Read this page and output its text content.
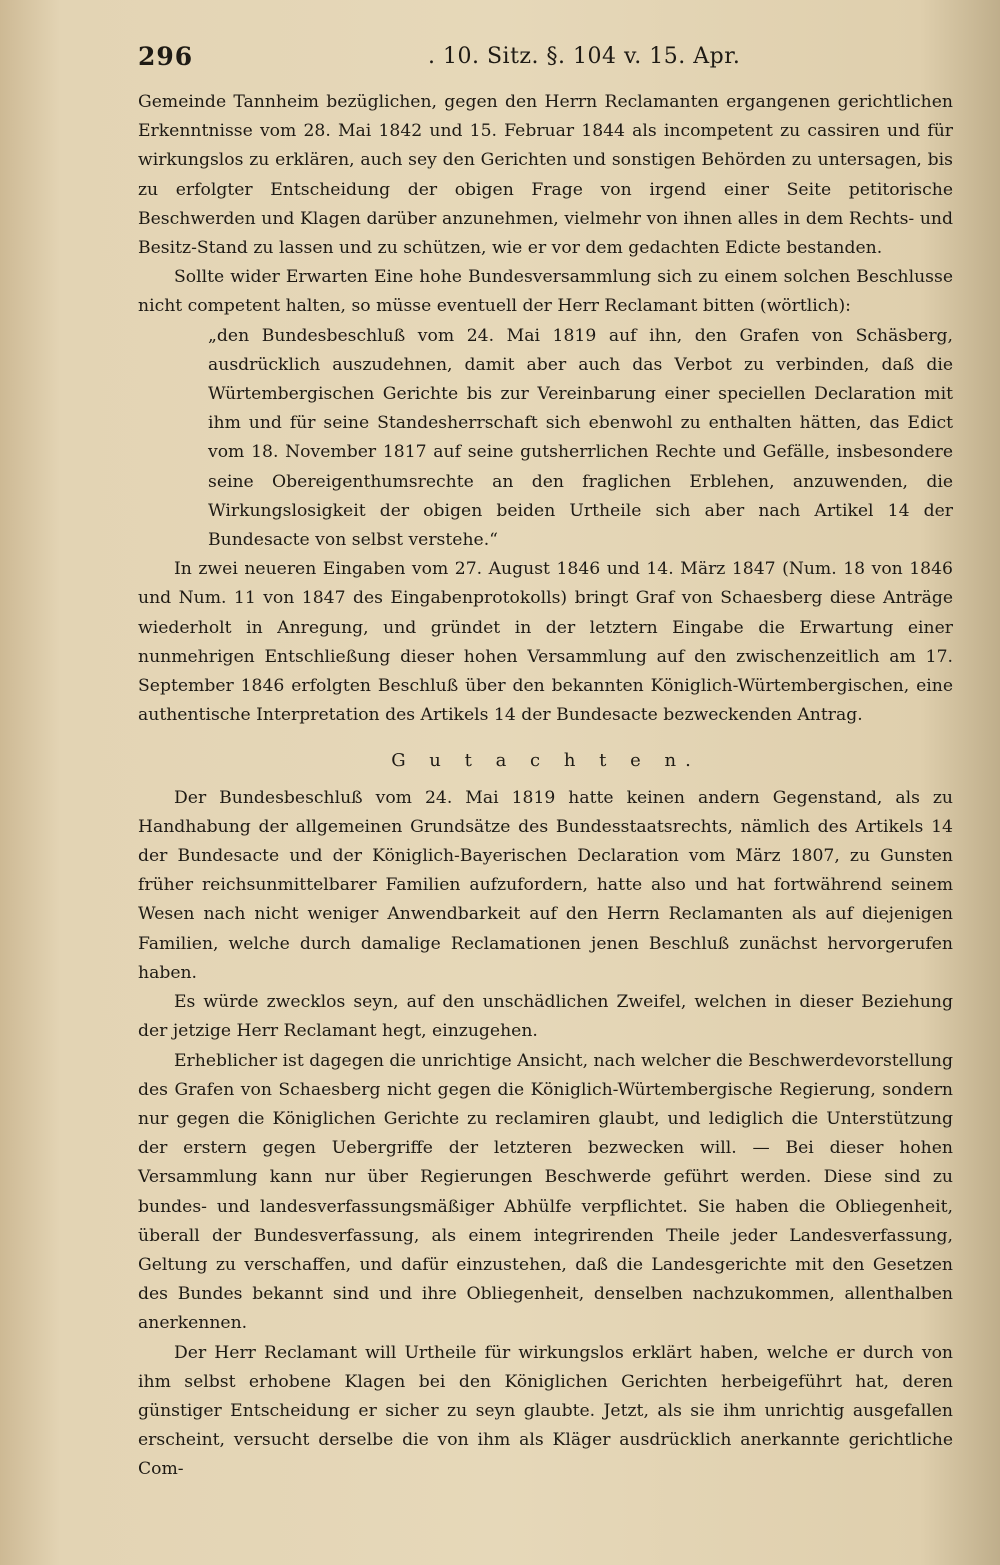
296	. 10. Sitz. §. 104 v. 15. Apr.

Gemeinde Tannheim bezüglichen, gegen den Herrn Reclamanten ergangenen gerichtlichen Erkenntnisse vom 28. Mai 1842 und 15. Februar 1844 als incompetent zu cassiren und für wirkungslos zu erklären, auch sey den Gerichten und sonstigen Behörden zu untersagen, bis zu erfolgter Entscheidung der obigen Frage von irgend einer Seite petitorische Beschwerden und Klagen darüber anzunehmen, vielmehr von ihnen alles in dem Rechts- und Besitz-Stand zu lassen und zu schützen, wie er vor dem gedachten Edicte bestanden.

Sollte wider Erwarten Eine hohe Bundesversammlung sich zu einem solchen Beschlusse nicht competent halten, so müsse eventuell der Herr Reclamant bitten (wörtlich):

„den Bundesbeschluß vom 24. Mai 1819 auf ihn, den Grafen von Schäsberg, ausdrücklich auszudehnen, damit aber auch das Verbot zu verbinden, daß die Würtembergischen Gerichte bis zur Vereinbarung einer speciellen Declaration mit ihm und für seine Standesherrschaft sich ebenwohl zu enthalten hätten, das Edict vom 18. November 1817 auf seine gutsherrlichen Rechte und Gefälle, insbesondere seine Obereigenthumsrechte an den fraglichen Erblehen, anzuwenden, die Wirkungslosigkeit der obigen beiden Urtheile sich aber nach Artikel 14 der Bundesacte von selbst verstehe.“

In zwei neueren Eingaben vom 27. August 1846 und 14. März 1847 (Num. 18 von 1846 und Num. 11 von 1847 des Eingabenprotokolls) bringt Graf von Schaesberg diese Anträge wiederholt in Anregung, und gründet in der letztern Eingabe die Erwartung einer nunmehrigen Entschließung dieser hohen Versammlung auf den zwischenzeitlich am 17. September 1846 erfolgten Beschluß über den bekannten Königlich-Würtembergischen, eine authentische Interpretation des Artikels 14 der Bundesacte bezweckenden Antrag.

G u t a c h t e n.

Der Bundesbeschluß vom 24. Mai 1819 hatte keinen andern Gegenstand, als zu Handhabung der allgemeinen Grundsätze des Bundesstaatsrechts, nämlich des Artikels 14 der Bundesacte und der Königlich-Bayerischen Declaration vom März 1807, zu Gunsten früher reichsunmittelbarer Familien aufzufordern, hatte also und hat fortwährend seinem Wesen nach nicht weniger Anwendbarkeit auf den Herrn Reclamanten als auf diejenigen Familien, welche durch damalige Reclamationen jenen Beschluß zunächst hervorgerufen haben.

Es würde zwecklos seyn, auf den unschädlichen Zweifel, welchen in dieser Beziehung der jetzige Herr Reclamant hegt, einzugehen.

Erheblicher ist dagegen die unrichtige Ansicht, nach welcher die Beschwerdevorstellung des Grafen von Schaesberg nicht gegen die Königlich-Würtembergische Regierung, sondern nur gegen die Königlichen Gerichte zu reclamiren glaubt, und lediglich die Unterstützung der erstern gegen Uebergriffe der letzteren bezwecken will. — Bei dieser hohen Versammlung kann nur über Regierungen Beschwerde geführt werden. Diese sind zu bundes- und landesverfassungsmäßiger Abhülfe verpflichtet. Sie haben die Obliegenheit, überall der Bundesverfassung, als einem integrirenden Theile jeder Landesverfassung, Geltung zu verschaffen, und dafür einzustehen, daß die Landesgerichte mit den Gesetzen des Bundes bekannt sind und ihre Obliegenheit, denselben nachzukommen, allenthalben anerkennen.

Der Herr Reclamant will Urtheile für wirkungslos erklärt haben, welche er durch von ihm selbst erhobene Klagen bei den Königlichen Gerichten herbeigeführt hat, deren günstiger Entscheidung er sicher zu seyn glaubte. Jetzt, als sie ihm unrichtig ausgefallen erscheint, versucht derselbe die von ihm als Kläger ausdrücklich anerkannte gerichtliche Com-
